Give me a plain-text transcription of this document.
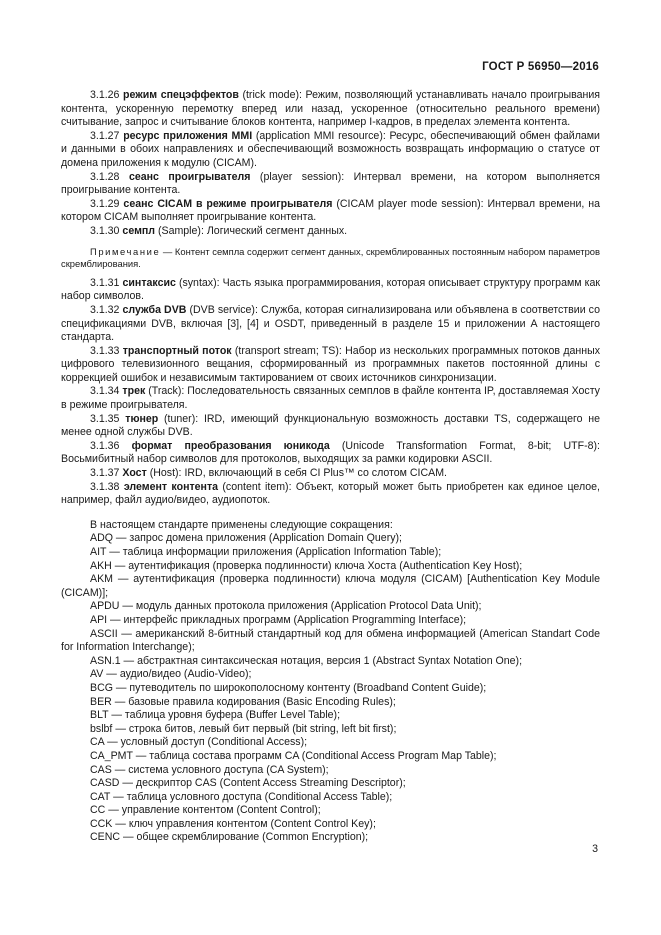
ГОСТ Р 56950—2016

3.1.26 режим спецэффектов (trick mode): Режим, позволяющий устанавливать начало проигрывания контента, ускоренную перемотку вперед или назад, ускоренное (относительно реального времени) считывание, запрос и считывание блоков контента, например I-кадров, в пределах элемента контента.

3.1.27 ресурс приложения MMI (application MMI resource): Ресурс, обеспечивающий обмен файлами и данными в обоих направлениях и обеспечивающий возможность возвращать информацию о статусе от домена приложения к модулю (CICAM).

3.1.28 сеанс проигрывателя (player session): Интервал времени, на котором выполняется проигрывание контента.

3.1.29 сеанс CICAM в режиме проигрывателя (CICAM player mode session): Интервал времени, на котором CICAM выполняет проигрывание контента.

3.1.30 семпл (Sample): Логический сегмент данных.

Примечание — Контент семпла содержит сегмент данных, скремблированных постоянным набором параметров скремблирования.

3.1.31 синтаксис (syntax): Часть языка программирования, которая описывает структуру программ как набор символов.

3.1.32 служба DVB (DVB service): Служба, которая сигнализирована или объявлена в соответствии со спецификациями DVB, включая [3], [4] и OSDT, приведенный в разделе 15 и приложении А настоящего стандарта.

3.1.33 транспортный поток (transport stream; TS): Набор из нескольких программных потоков данных цифрового телевизионного вещания, сформированный из программных пакетов постоянной длины с коррекцией ошибок и независимым тактированием от своих источников синхронизации.

3.1.34 трек (Track): Последовательность связанных семплов в файле контента IP, доставляемая Хосту в режиме проигрывателя.

3.1.35 тюнер (tuner): IRD, имеющий функциональную возможность доставки TS, содержащего не менее одной службы DVB.

3.1.36 формат преобразования юникода (Unicode Transformation Format, 8-bit; UTF-8): Восьмибитный набор символов для протоколов, выходящих за рамки кодировки ASCII.

3.1.37 Хост (Host): IRD, включающий в себя CI Plus™ со слотом CICAM.

3.1.38 элемент контента (content item): Объект, который может быть приобретен как единое целое, например, файл аудио/видео, аудиопоток.

В настоящем стандарте применены следующие сокращения:

ADQ — запрос домена приложения (Application Domain Query);

AIT — таблица информации приложения (Application Information Table);

AKH — аутентификация (проверка подлинности) ключа Хоста (Authentication Key Host);

AKM — аутентификация (проверка подлинности) ключа модуля (CICAM) [Authentication Key Module (CICAM)];

APDU — модуль данных протокола приложения (Application Protocol Data Unit);

API — интерфейс прикладных программ (Application Programming Interface);

ASCII — американский 8-битный стандартный код для обмена информацией (American Standart Code for Information Interchange);

ASN.1 — абстрактная синтаксическая нотация, версия 1 (Abstract Syntax Notation One);

AV — аудио/видео (Audio-Video);

BCG — путеводитель по широкополосному контенту (Broadband Content Guide);

BER — базовые правила кодирования (Basic Encoding Rules);

BLT — таблица уровня буфера (Buffer Level Table);

bslbf — строка битов, левый бит первый (bit string, left bit first);

CA — условный доступ (Conditional Access);

CA_PMT — таблица состава программ CA (Conditional Access Program Map Table);

CAS — система условного доступа (CA System);

CASD — дескриптор CAS (Content Access Streaming Descriptor);

CAT — таблица условного доступа (Conditional Access Table);

CC — управление контентом (Content Control);

CCK — ключ управления контентом (Content Control Key);

CENC — общее скремблирование (Common Encryption);

3
